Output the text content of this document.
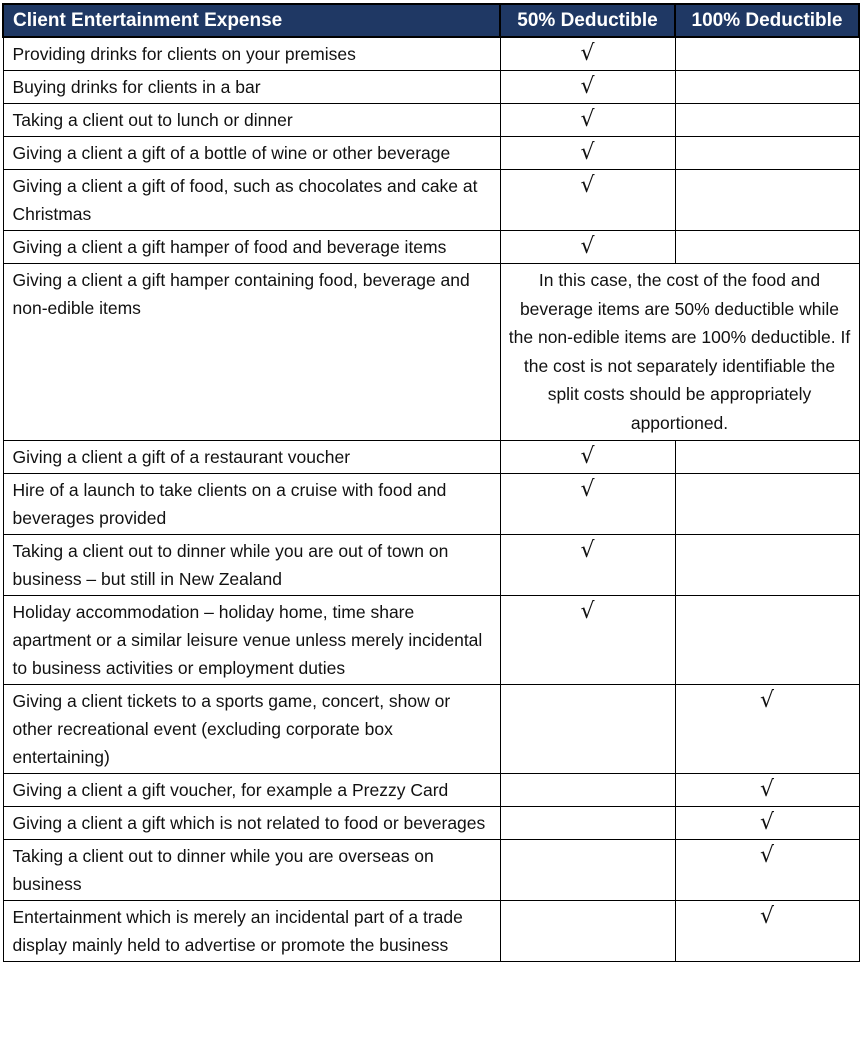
Client Entertainment Expense	50% Deductible	100% Deductible
Providing drinks for clients on your premises	√	
Buying drinks for clients in a bar	√	
Taking a client out to lunch or dinner	√	
Giving a client a gift of a bottle of wine or other beverage	√	
Giving a client a gift of food, such as chocolates and cake at Christmas	√	
Giving a client a gift hamper of food and beverage items	√	
Giving a client a gift hamper containing food, beverage and non-edible items	In this case, the cost of the food and beverage items are 50% deductible while the non-edible items are 100% deductible. If the cost is not separately identifiable the split costs should be appropriately apportioned.	
Giving a client a gift of a restaurant voucher	√	
Hire of a launch to take clients on a cruise with food and beverages provided	√	
Taking a client out to dinner while you are out of town on business – but still in New Zealand	√	
Holiday accommodation – holiday home, time share apartment or a similar leisure venue unless merely incidental to business activities or employment duties	√	
Giving a client tickets to a sports game, concert, show or other recreational event (excluding corporate box entertaining)		√
Giving a client a gift voucher, for example a Prezzy Card		√
Giving a client a gift which is not related to food or beverages		√
Taking a client out to dinner while you are overseas on business		√
Entertainment which is merely an incidental part of a trade display mainly held to advertise or promote the business		√
